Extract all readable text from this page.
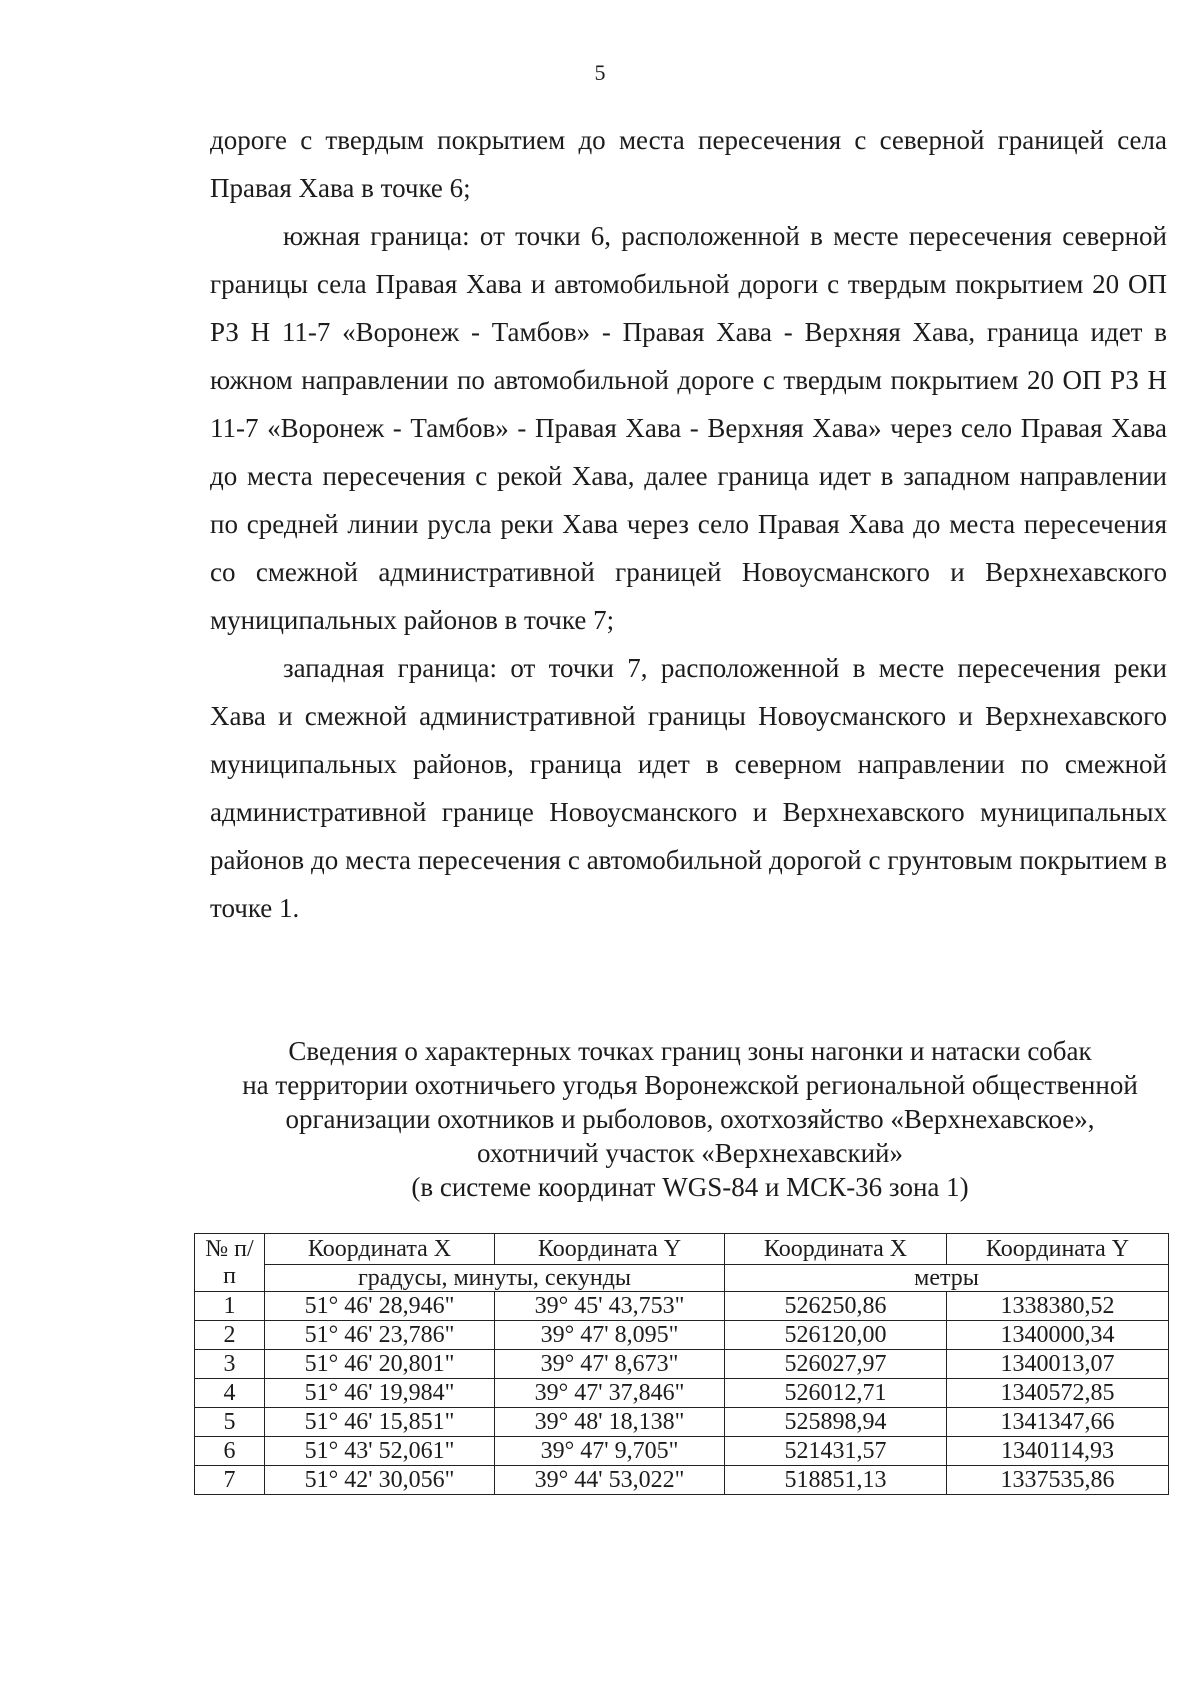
5

дороге с твердым покрытием до места пересечения с северной границей села Правая Хава в точке 6;

южная граница: от точки 6, расположенной в месте пересечения северной границы села Правая Хава и автомобильной дороги с твердым покрытием 20 ОП РЗ Н 11-7 «Воронеж - Тамбов» - Правая Хава - Верхняя Хава, граница идет в южном направлении по автомобильной дороге с твердым покрытием 20 ОП РЗ Н 11-7 «Воронеж - Тамбов» - Правая Хава - Верхняя Хава» через село Правая Хава до места пересечения с рекой Хава, далее граница идет в западном направлении по средней линии русла реки Хава через село Правая Хава до места пересечения со смежной административной границей Новоусманского и Верхнехавского муниципальных районов в точке 7;

западная граница: от точки 7, расположенной в месте пересечения реки Хава и смежной административной границы Новоусманского и Верхнехавского муниципальных районов, граница идет в северном направлении по смежной административной границе Новоусманского и Верхнехавского муниципальных районов до места пересечения с автомобильной дорогой с грунтовым покрытием в точке 1.

Сведения о характерных точках границ зоны нагонки и натаски собак
на территории охотничьего угодья Воронежской региональной общественной
организации охотников и рыболовов, охотхозяйство «Верхнехавское»,
охотничий участок «Верхнехавский»
(в системе координат WGS-84 и МСК-36 зона 1)
№ п/п	Координата X	Координата Y	Координата X	Координата Y
	градусы, минуты, секунды		метры	
1	51° 46' 28,946"	39° 45' 43,753"	526250,86	1338380,52
2	51° 46' 23,786"	39° 47' 8,095"	526120,00	1340000,34
3	51° 46' 20,801"	39° 47' 8,673"	526027,97	1340013,07
4	51° 46' 19,984"	39° 47' 37,846"	526012,71	1340572,85
5	51° 46' 15,851"	39° 48' 18,138"	525898,94	1341347,66
6	51° 43' 52,061"	39° 47' 9,705"	521431,57	1340114,93
7	51° 42' 30,056"	39° 44' 53,022"	518851,13	1337535,86
